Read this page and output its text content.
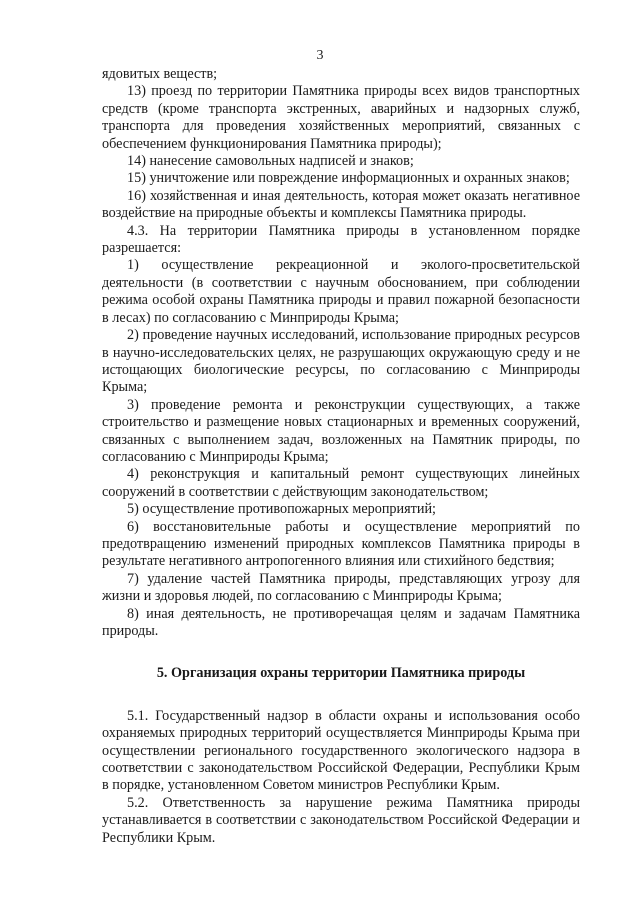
3
ядовитых веществ;
13) проезд по территории Памятника природы всех видов транспортных средств (кроме транспорта экстренных, аварийных и надзорных служб, транспорта для проведения хозяйственных мероприятий, связанных с обеспечением функционирования Памятника природы);
14) нанесение самовольных надписей и знаков;
15) уничтожение или повреждение информационных и охранных знаков;
16) хозяйственная и иная деятельность, которая может оказать негативное воздействие на природные объекты и комплексы Памятника природы.
4.3. На территории Памятника природы в установленном порядке разрешается:
1) осуществление рекреационной и эколого-просветительской деятельности (в соответствии с научным обоснованием, при соблюдении режима особой охраны Памятника природы и правил пожарной безопасности в лесах) по согласованию с Минприроды Крыма;
2) проведение научных исследований, использование природных ресурсов в научно-исследовательских целях, не разрушающих окружающую среду и не истощающих биологические ресурсы, по согласованию с Минприроды Крыма;
3) проведение ремонта и реконструкции существующих, а также строительство и размещение новых стационарных и временных сооружений, связанных с выполнением задач, возложенных на Памятник природы, по согласованию с Минприроды Крыма;
4) реконструкция и капитальный ремонт существующих линейных сооружений в соответствии с действующим законодательством;
5) осуществление противопожарных мероприятий;
6) восстановительные работы и осуществление мероприятий по предотвращению изменений природных комплексов Памятника природы в результате негативного антропогенного влияния или стихийного бедствия;
7) удаление частей Памятника природы, представляющих угрозу для жизни и здоровья людей, по согласованию с Минприроды Крыма;
8) иная деятельность, не противоречащая целям и задачам Памятника природы.
5. Организация охраны территории Памятника природы
5.1. Государственный надзор в области охраны и использования особо охраняемых природных территорий осуществляется Минприроды Крыма при осуществлении регионального государственного экологического надзора в соответствии с законодательством Российской Федерации, Республики Крым в порядке, установленном Советом министров Республики Крым.
5.2. Ответственность за нарушение режима Памятника природы устанавливается в соответствии с законодательством Российской Федерации и Республики Крым.
